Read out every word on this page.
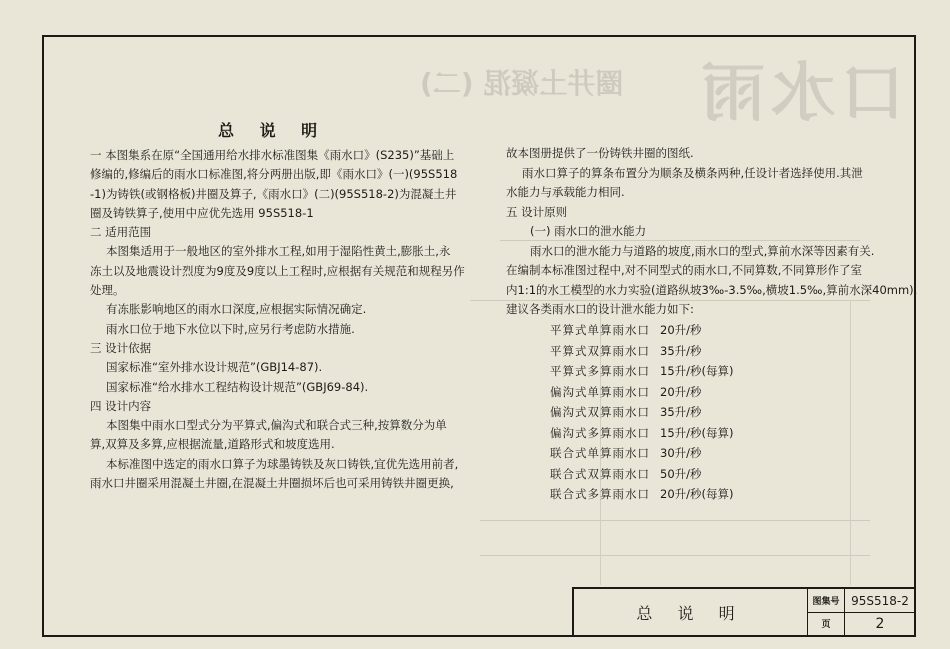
口水雨
圈井土凝混 (二)
总 说 明

一 本图集系在原“全国通用给水排水标准图集《雨水口》(S235)”基础上

修编的,修编后的雨水口标准图,将分两册出版,即《雨水口》(一)(95S518

-1)为铸铁(或钢格板)井圈及算子,《雨水口》(二)(95S518-2)为混凝土井

圈及铸铁算子,使用中应优先选用 95S518-1

二 适用范围

本图集适用于一般地区的室外排水工程,如用于湿陷性黄土,膨胀土,永

冻土以及地震设计烈度为9度及9度以上工程时,应根据有关规范和规程另作

处理。

有冻胀影响地区的雨水口深度,应根据实际情况确定.

雨水口位于地下水位以下时,应另行考虑防水措施.

三 设计依据

国家标准“室外排水设计规范”(GBJ14-87).

国家标准“给水排水工程结构设计规范”(GBJ69-84).

四 设计内容

本图集中雨水口型式分为平算式,偏沟式和联合式三种,按算数分为单

算,双算及多算,应根据流量,道路形式和坡度选用.

本标准图中选定的雨水口算子为球墨铸铁及灰口铸铁,宜优先选用前者,

雨水口井圈采用混凝土井圈,在混凝土井圈损坏后也可采用铸铁井圈更换,

故本图册提供了一份铸铁井圈的图纸.

雨水口算子的算条布置分为顺条及横条两种,任设计者选择使用.其泄

水能力与承载能力相同.

五 设计原则

(一) 雨水口的泄水能力

雨水口的泄水能力与道路的坡度,雨水口的型式,算前水深等因素有关.

在编制本标准图过程中,对不同型式的雨水口,不同算数,不同算形作了室

内1:1的水工模型的水力实验(道路纵坡3‰-3.5‰,横坡1.5‰,算前水深40mm),

建议各类雨水口的设计泄水能力如下:

平算式单算雨水口	20升/秒
平算式双算雨水口	35升/秒
平算式多算雨水口	15升/秒(每算)
偏沟式单算雨水口	20升/秒
偏沟式双算雨水口	35升/秒
偏沟式多算雨水口	15升/秒(每算)
联合式单算雨水口	30升/秒
联合式双算雨水口	50升/秒
联合式多算雨水口	20升/秒(每算)
总 说 明
图集号 95S518-2
页	2
